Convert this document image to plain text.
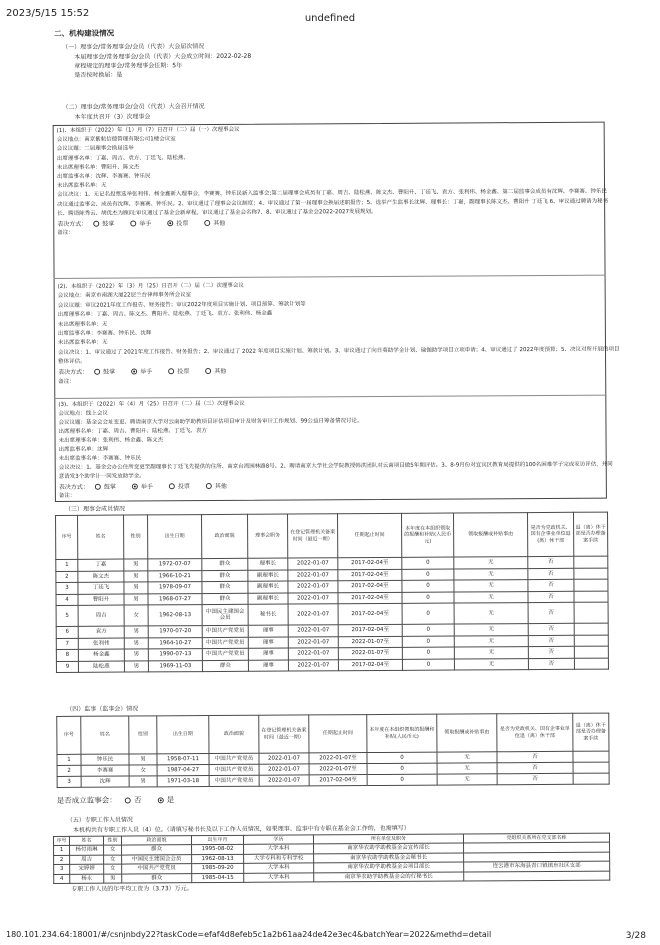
2023/5/15 15:52	undefined
二、机构建设情况
（一）理事会/常务理事会/会员（代表）大会届次情况
本届理事会/常务理事会/会员（代表）大会成立时间：2022-02-28
章程规定的理事会/常务理事会任期：5年
是否按时换届：是
（二）理事会/常务理事会/会员（代表）大会召开情况
本年度共召开（3）次理事会
（三）理事会成员情况
序号	姓名	性别	出生日期	政治面貌	理事会职务	在登记管理机关备案时间（最近一期）	任期起止时间	本年度在本组织领取的报酬和补贴(人民币元)	领取报酬或补贴事由	是否为党政机关、国有企事业单位退(离）休干部	退（离）休干部是否办理备案手续
1	丁嘉	男	1972-07-07	群众	理事长	2022-01-07	2017-02-04至	0	无	否	
2	陈文杰	男	1966-10-21	群众	副理事长	2022-01-07	2017-02-04至	0	无	否	
3	丁廷飞	男	1978-09-07	群众	副理事长	2022-01-07	2017-02-04至	0	无	否	
4	曹阳升	男	1968-07-27	群众	副理事长	2022-01-07	2017-02-04至	0	无	否	
5	周吉	女	1962-08-13	中国民主建国会会员	秘书长	2022-01-07	2017-02-04至	0	无	否	
6	袁方	男	1970-07-20	中国共产党党员	理事	2022-01-07	2017-02-04至	0	无	否	
7	张利伟	男	1964-10-27	中国共产党党员	理事	2022-01-07	2022-01-07至	0	无	否	
8	杨金鑫	男	1990-07-13	中国共产党党员	理事	2022-01-07	2022-01-07至	0	无	否	
9	陆松燕	男	1969-11-03	群众	理事	2022-01-07	2017-02-04至	0	无	否	
（四）监事（监事会）情况
序号	姓名	性别	出生日期	政治面貌	在登记管理机关备案时间（最近一期）	任期起止时间	本年度在本组织领取的报酬和补贴(人民币元)	领取报酬或补贴事由	是否为党政机关、国有企事业单位退（离）休干部	退（离）休干部是否办理备案手续
1	钟乐民	男	1958-07-11	中国共产党党员	2022-01-07	2022-01-07至	0	无	否	
2	李赛赛	女	1987-04-27	中国共产党党员	2022-01-07	2022-01-07至	0	无	否	
3	沈辉	男	1971-03-18	中国共产党党员	2022-01-07	2017-02-04至	0	无	否	
是否成立监事会： 否	是
（五）专职工作人员情况
本机构共有专职工作人员（4）位。（请填写秘书长及以下工作人员情况，如果理事、监事中有专职在基金会工作的，也需填写）
序号	姓名	性别	政治面貌	出生年月	学历	所在单位及职务	党组织关系所在党支部名称
1	杨付雨琳	女	群众	1995-08-02	大学本科	南京华农助学助教基金会宣传部长	
2	周吉	女	中国民主建国会会员	1962-08-13	大学专科和专科学校	南京华农助学助教基金会秘书长	
3	宋婷婷	女	中国共产党党员	1985-09-20	大学本科	南京华农助学助教基金会项目部长	连云港市东海县青口镇镇东社区支部
4	杨永	男	群众	1985-04-15	大学本科	南京华农助学助教基金会的行秘书长	
专职工作人员的年平均工资为（3.73）万元。
(1)、本组织于（2022）年（1）月（7）日召开（二）届（一）次理事会议
会议地点：南京紫航信德管理有限公司1楼会议室
会议议题：二届理事会换届选举
出席理事名单：丁嘉、周吉、袁方、丁廷飞、陆松燕、
未出席理事名单：曹阳升、陈文杰
出席监事名单：沈辉、李赛赛、钟乐民
未出席监事名单：无
会议决议：1、无记名投票选举张利伟、杨金鑫新入理事会，李赛赛、钟乐民新入监事会;第二届理事会成员有丁嘉、周吉、陆松燕、陈文杰、曹阳升、丁廷飞、袁方、张利伟、杨金鑫、第二届监事会成员有沈辉、李赛赛、钟乐民
决议通过监事会、成员有沈辉、李赛赛、钟乐民。2、审议通过了理事会会议制度；4、审议通过了第一届理事会换届述职报告；5、选举产生监事长沈辉、理事长：丁嘉，副理事长陈文杰、曹阳升 丁廷飞 6、审议通过聘请为秘书
长、聘请陈秀云、胡优杰为顾问;审议通过了基金会新章程。审议通过了基金会名称7、8、审议通过了基金会2022-2027发展规划。
表决方式： 鼓掌	举手	投票	其他
备注：
(2)、本组织于（2022）年（3）月（25）日召开（二）届（二）次理事会议
会议地点：南京市南湖大厦22层兰台律师事务所会议室
会议议题：审议2021年度工作报告、财务报告；审议2022年度项目实施计划、项目预算、筹款计划等
出席理事名单：丁嘉、周吉、陈文杰、曹阳升、陆松燕、丁廷飞、袁方、张利伟、杨金鑫
未出席理事名单：无
出席监事名单：李赛赛、钟乐民、沈辉
未出席监事名单：无
会议决议：1、审议通过了 2021年度工作报告、财务报告；2、审议通过了 2022 年度项目实施计划、筹款计划。3、审议通过了向日葵助学金计划、瑜伽助学项目立项申请；4、审议通过了 2022年度预算；5、决议对所开展的项目
整体评估。
表决方式： 鼓掌	举手	投票	其他
备注：
(3)、本组织于（2022）年（4）月（25）日召开（二）届（三）次理事会议
会议地点：线上会议
会议议题：基金会会址变更、聘请南京大学对云南助学助教项目评估项目审计及财务审计工作规划、99公益日筹备情况讨论。
出席理事名单：丁嘉、周吉、曹阳升、陆松燕、丁廷飞、袁方
未出席理事名单：张利伟、杨金鑫、陈文杰
出席监事名单：沈辉
未出席监事名单：李赛赛、钟乐民
会议决议：1、基金会办公住所变更至副理事长丁廷飞先提供的住所、南京台湾园林路8号。2、聘请南京大学社会学院教授韩洪团队对云南项目做5年期评估。3、8-9月份对宜宾区教育局提供的100名困难学子完成家访评估，并同
意请发3个助学计一同发放助学金。
表决方式： 鼓掌	举手	投票	其他
备注：
180.101.234.64:18001/#/csnjnbdy22?taskCode=efaf4d8efeb5c1a2b61aa24de42e3ec4&batchYear=2022&methd=detail	3/28
